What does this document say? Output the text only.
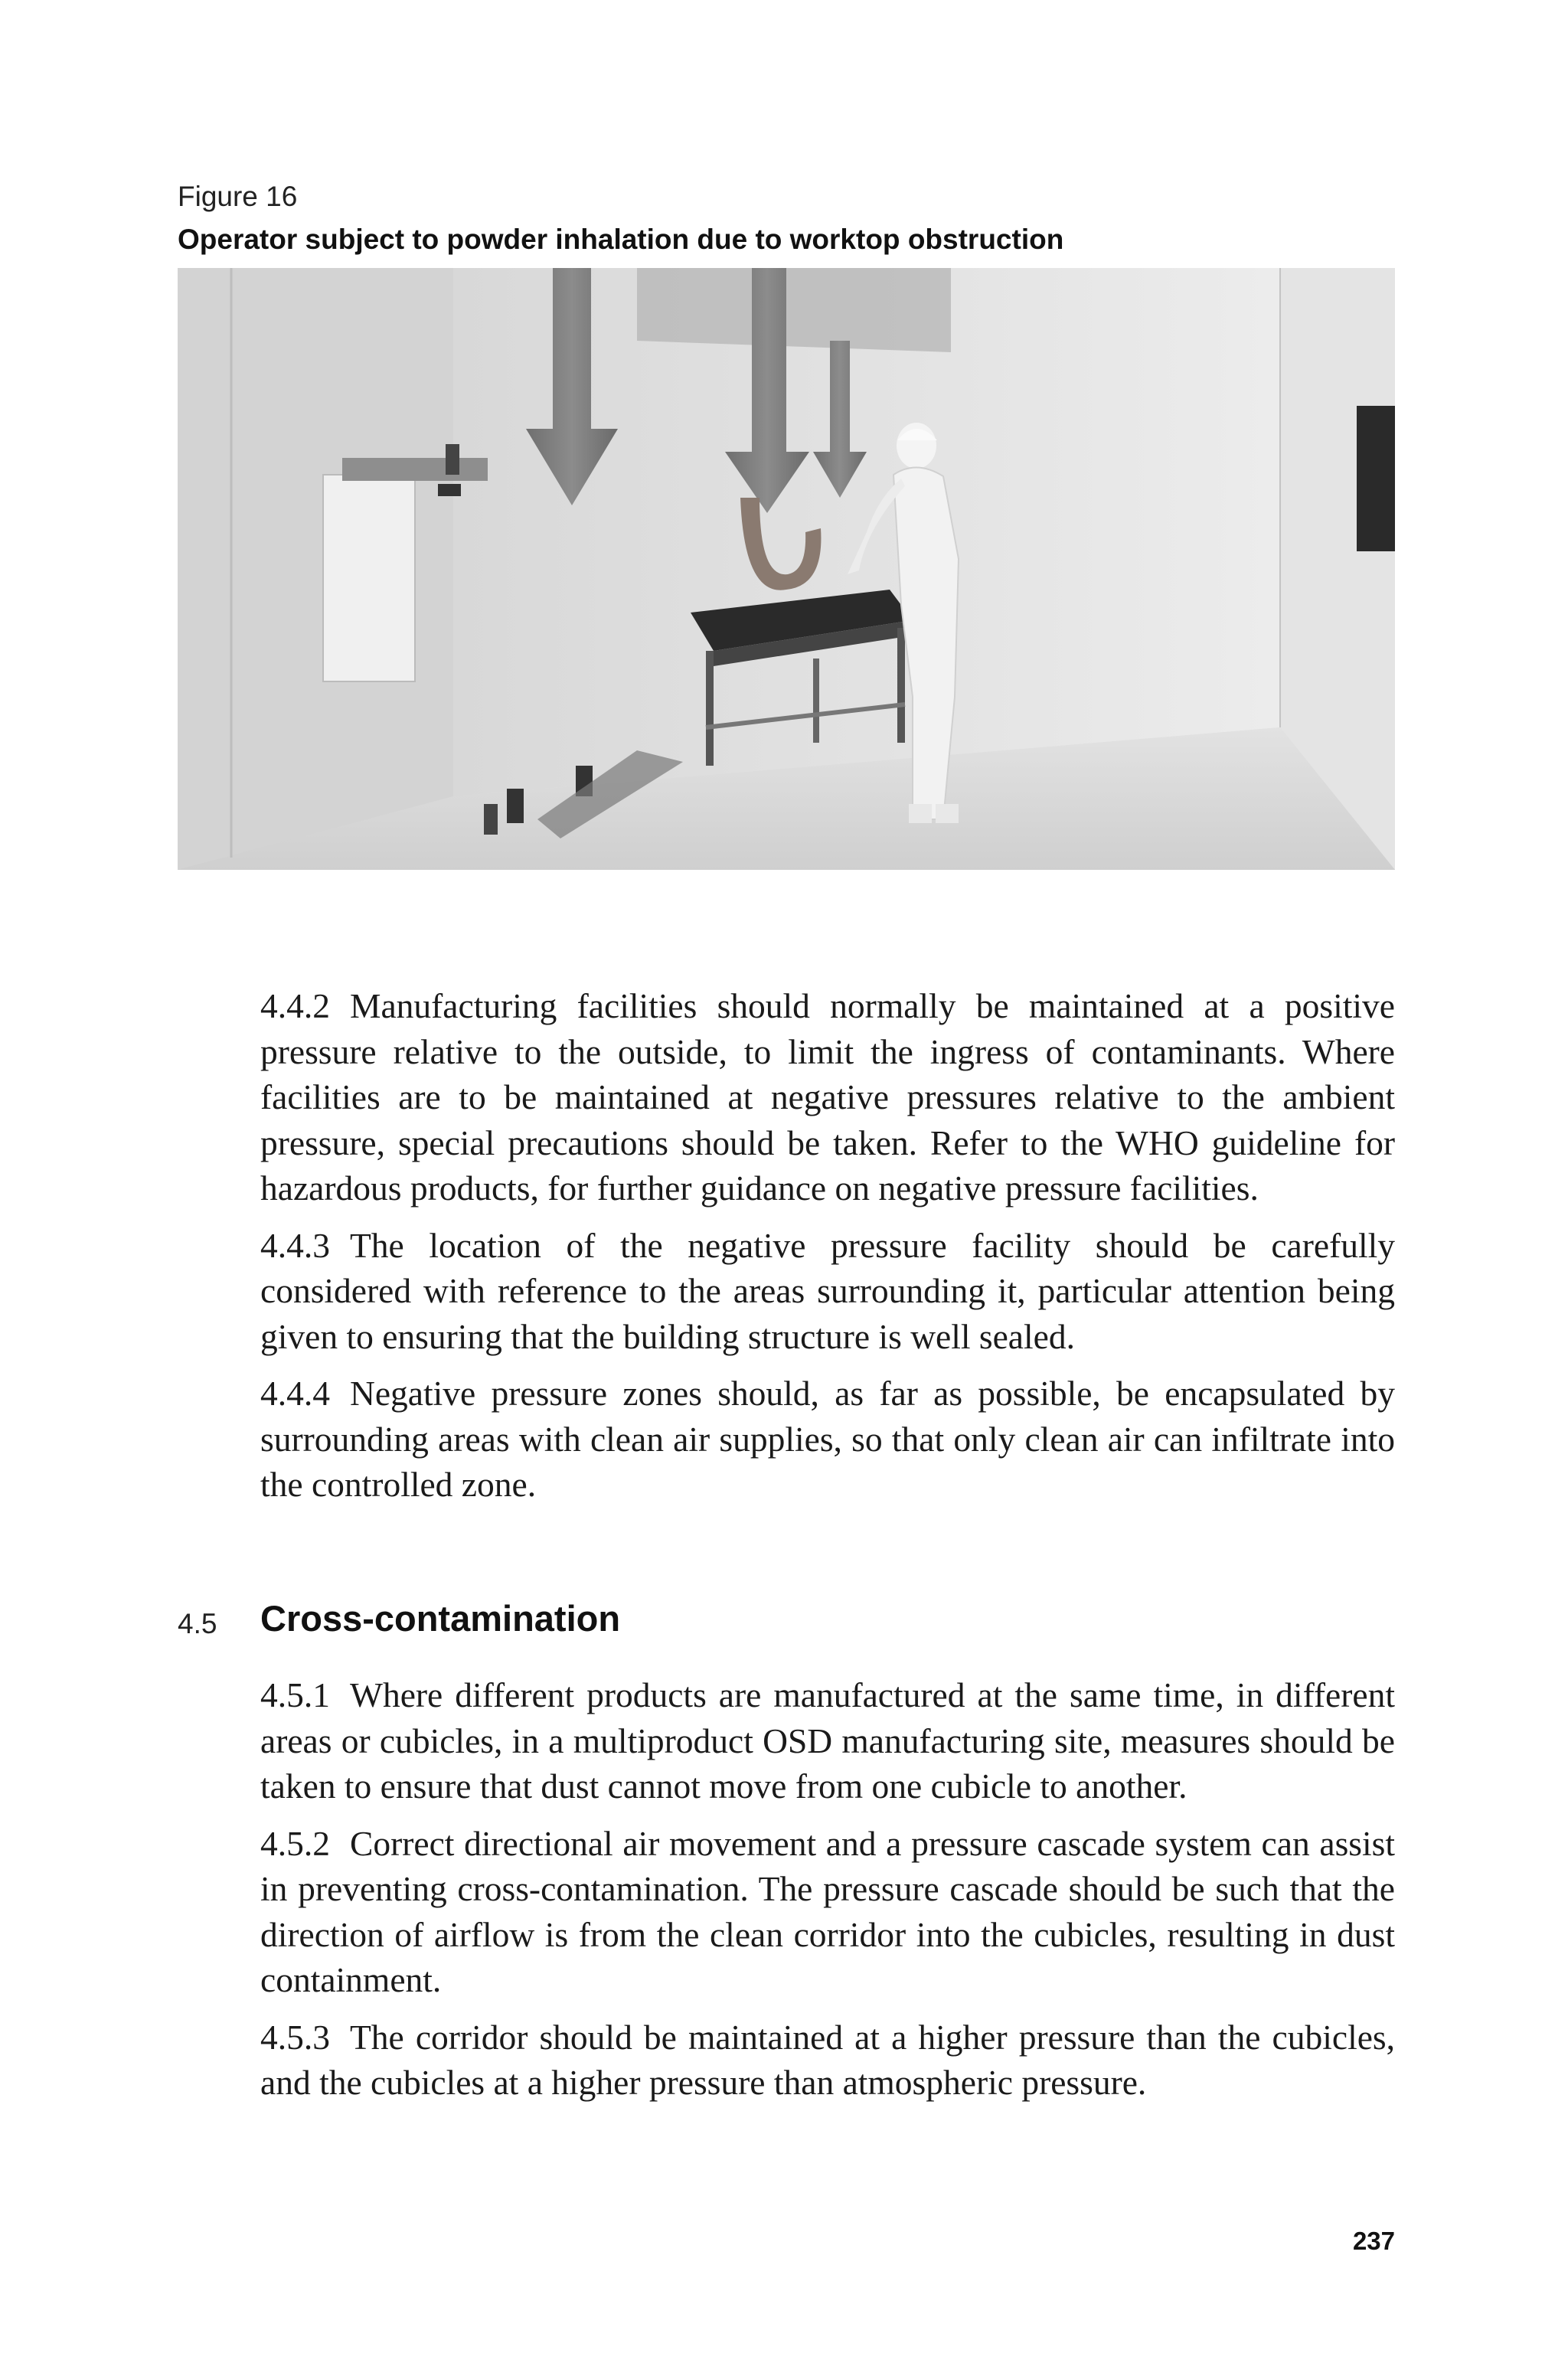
Figure 16
Operator subject to powder inhalation due to worktop obstruction

4.4.2 Manufacturing facilities should normally be maintained at a positive pressure relative to the outside, to limit the ingress of contaminants. Where facilities are to be maintained at negative pressures relative to the ambient pressure, special precautions should be taken. Refer to the WHO guideline for hazardous products, for further guidance on negative pressure facilities.

4.4.3 The location of the negative pressure facility should be carefully considered with reference to the areas surrounding it, particular attention being given to ensuring that the building structure is well sealed.

4.4.4 Negative pressure zones should, as far as possible, be encapsulated by surrounding areas with clean air supplies, so that only clean air can infiltrate into the controlled zone.

4.5 Cross-contamination

4.5.1 Where different products are manufactured at the same time, in different areas or cubicles, in a multiproduct OSD manufacturing site, measures should be taken to ensure that dust cannot move from one cubicle to another.

4.5.2 Correct directional air movement and a pressure cascade system can assist in preventing cross-contamination. The pressure cascade should be such that the direction of airflow is from the clean corridor into the cubicles, resulting in dust containment.

4.5.3 The corridor should be maintained at a higher pressure than the cubicles, and the cubicles at a higher pressure than atmospheric pressure.

237
